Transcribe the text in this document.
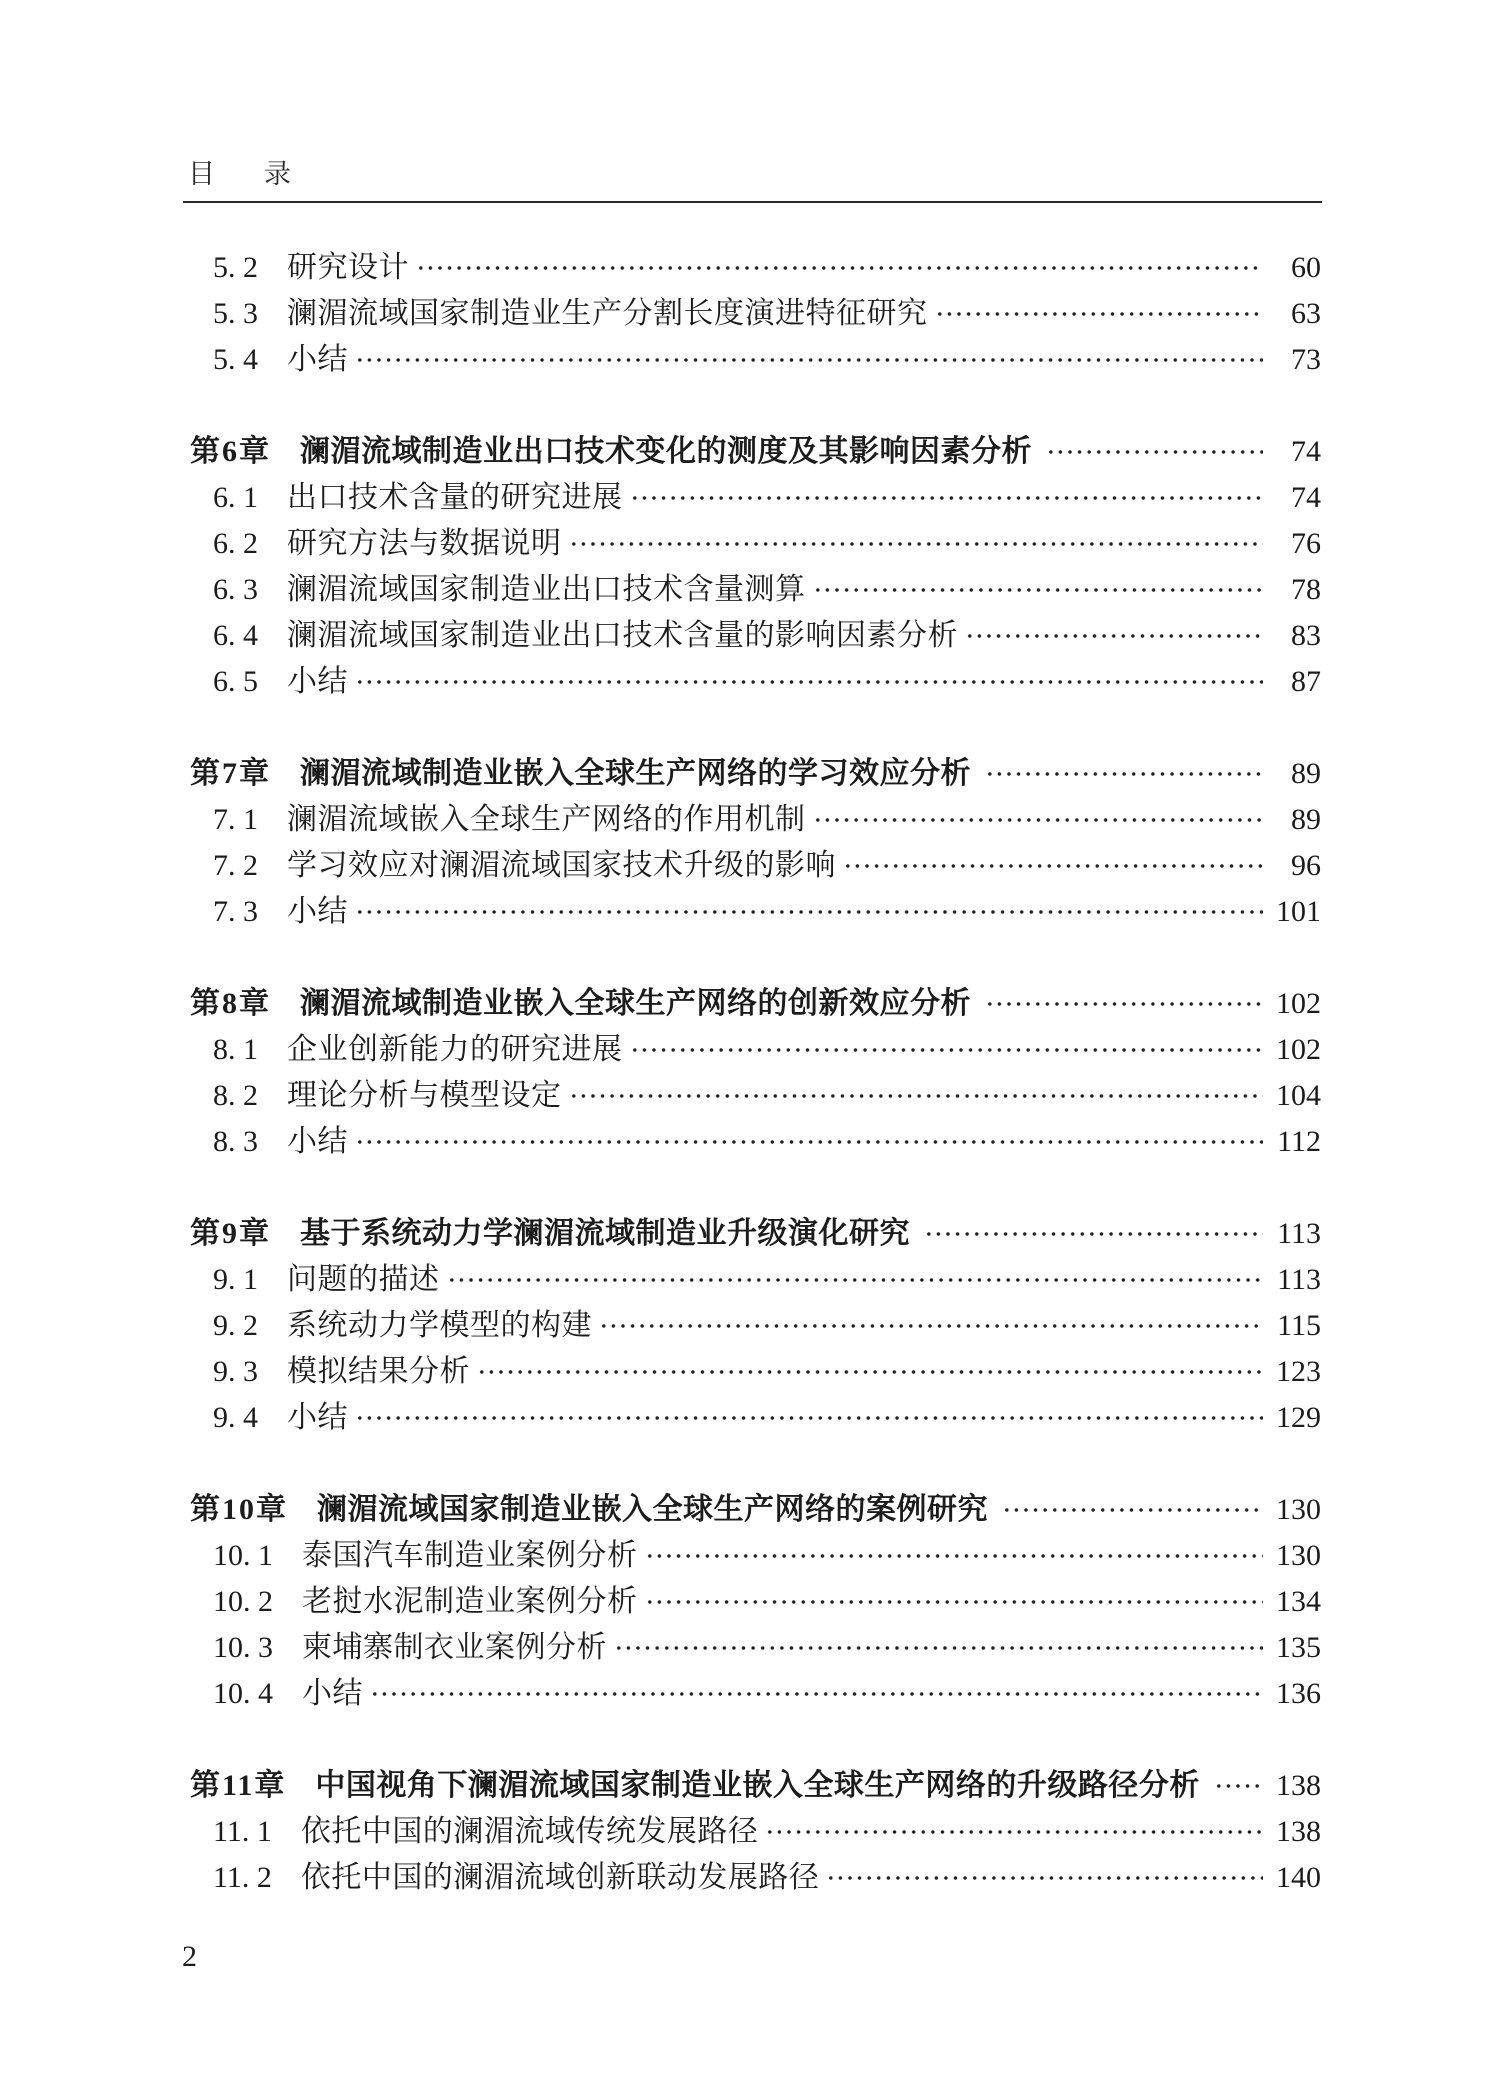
目 录
5. 2 研究设计	60
5. 3 澜湄流域国家制造业生产分割长度演进特征研究	63
5. 4 小结	73
第6章 澜湄流域制造业出口技术变化的测度及其影响因素分析	74
6. 1 出口技术含量的研究进展	74
6. 2 研究方法与数据说明	76
6. 3 澜湄流域国家制造业出口技术含量测算	78
6. 4 澜湄流域国家制造业出口技术含量的影响因素分析	83
6. 5 小结	87
第7章 澜湄流域制造业嵌入全球生产网络的学习效应分析	89
7. 1 澜湄流域嵌入全球生产网络的作用机制	89
7. 2 学习效应对澜湄流域国家技术升级的影响	96
7. 3 小结	101
第8章 澜湄流域制造业嵌入全球生产网络的创新效应分析	102
8. 1 企业创新能力的研究进展	102
8. 2 理论分析与模型设定	104
8. 3 小结	112
第9章 基于系统动力学澜湄流域制造业升级演化研究	113
9. 1 问题的描述	113
9. 2 系统动力学模型的构建	115
9. 3 模拟结果分析	123
9. 4 小结	129
第10章 澜湄流域国家制造业嵌入全球生产网络的案例研究	130
10. 1 泰国汽车制造业案例分析	130
10. 2 老挝水泥制造业案例分析	134
10. 3 柬埔寨制衣业案例分析	135
10. 4 小结	136
第11章 中国视角下澜湄流域国家制造业嵌入全球生产网络的升级路径分析	138
11. 1 依托中国的澜湄流域传统发展路径	138
11. 2 依托中国的澜湄流域创新联动发展路径	140
2
